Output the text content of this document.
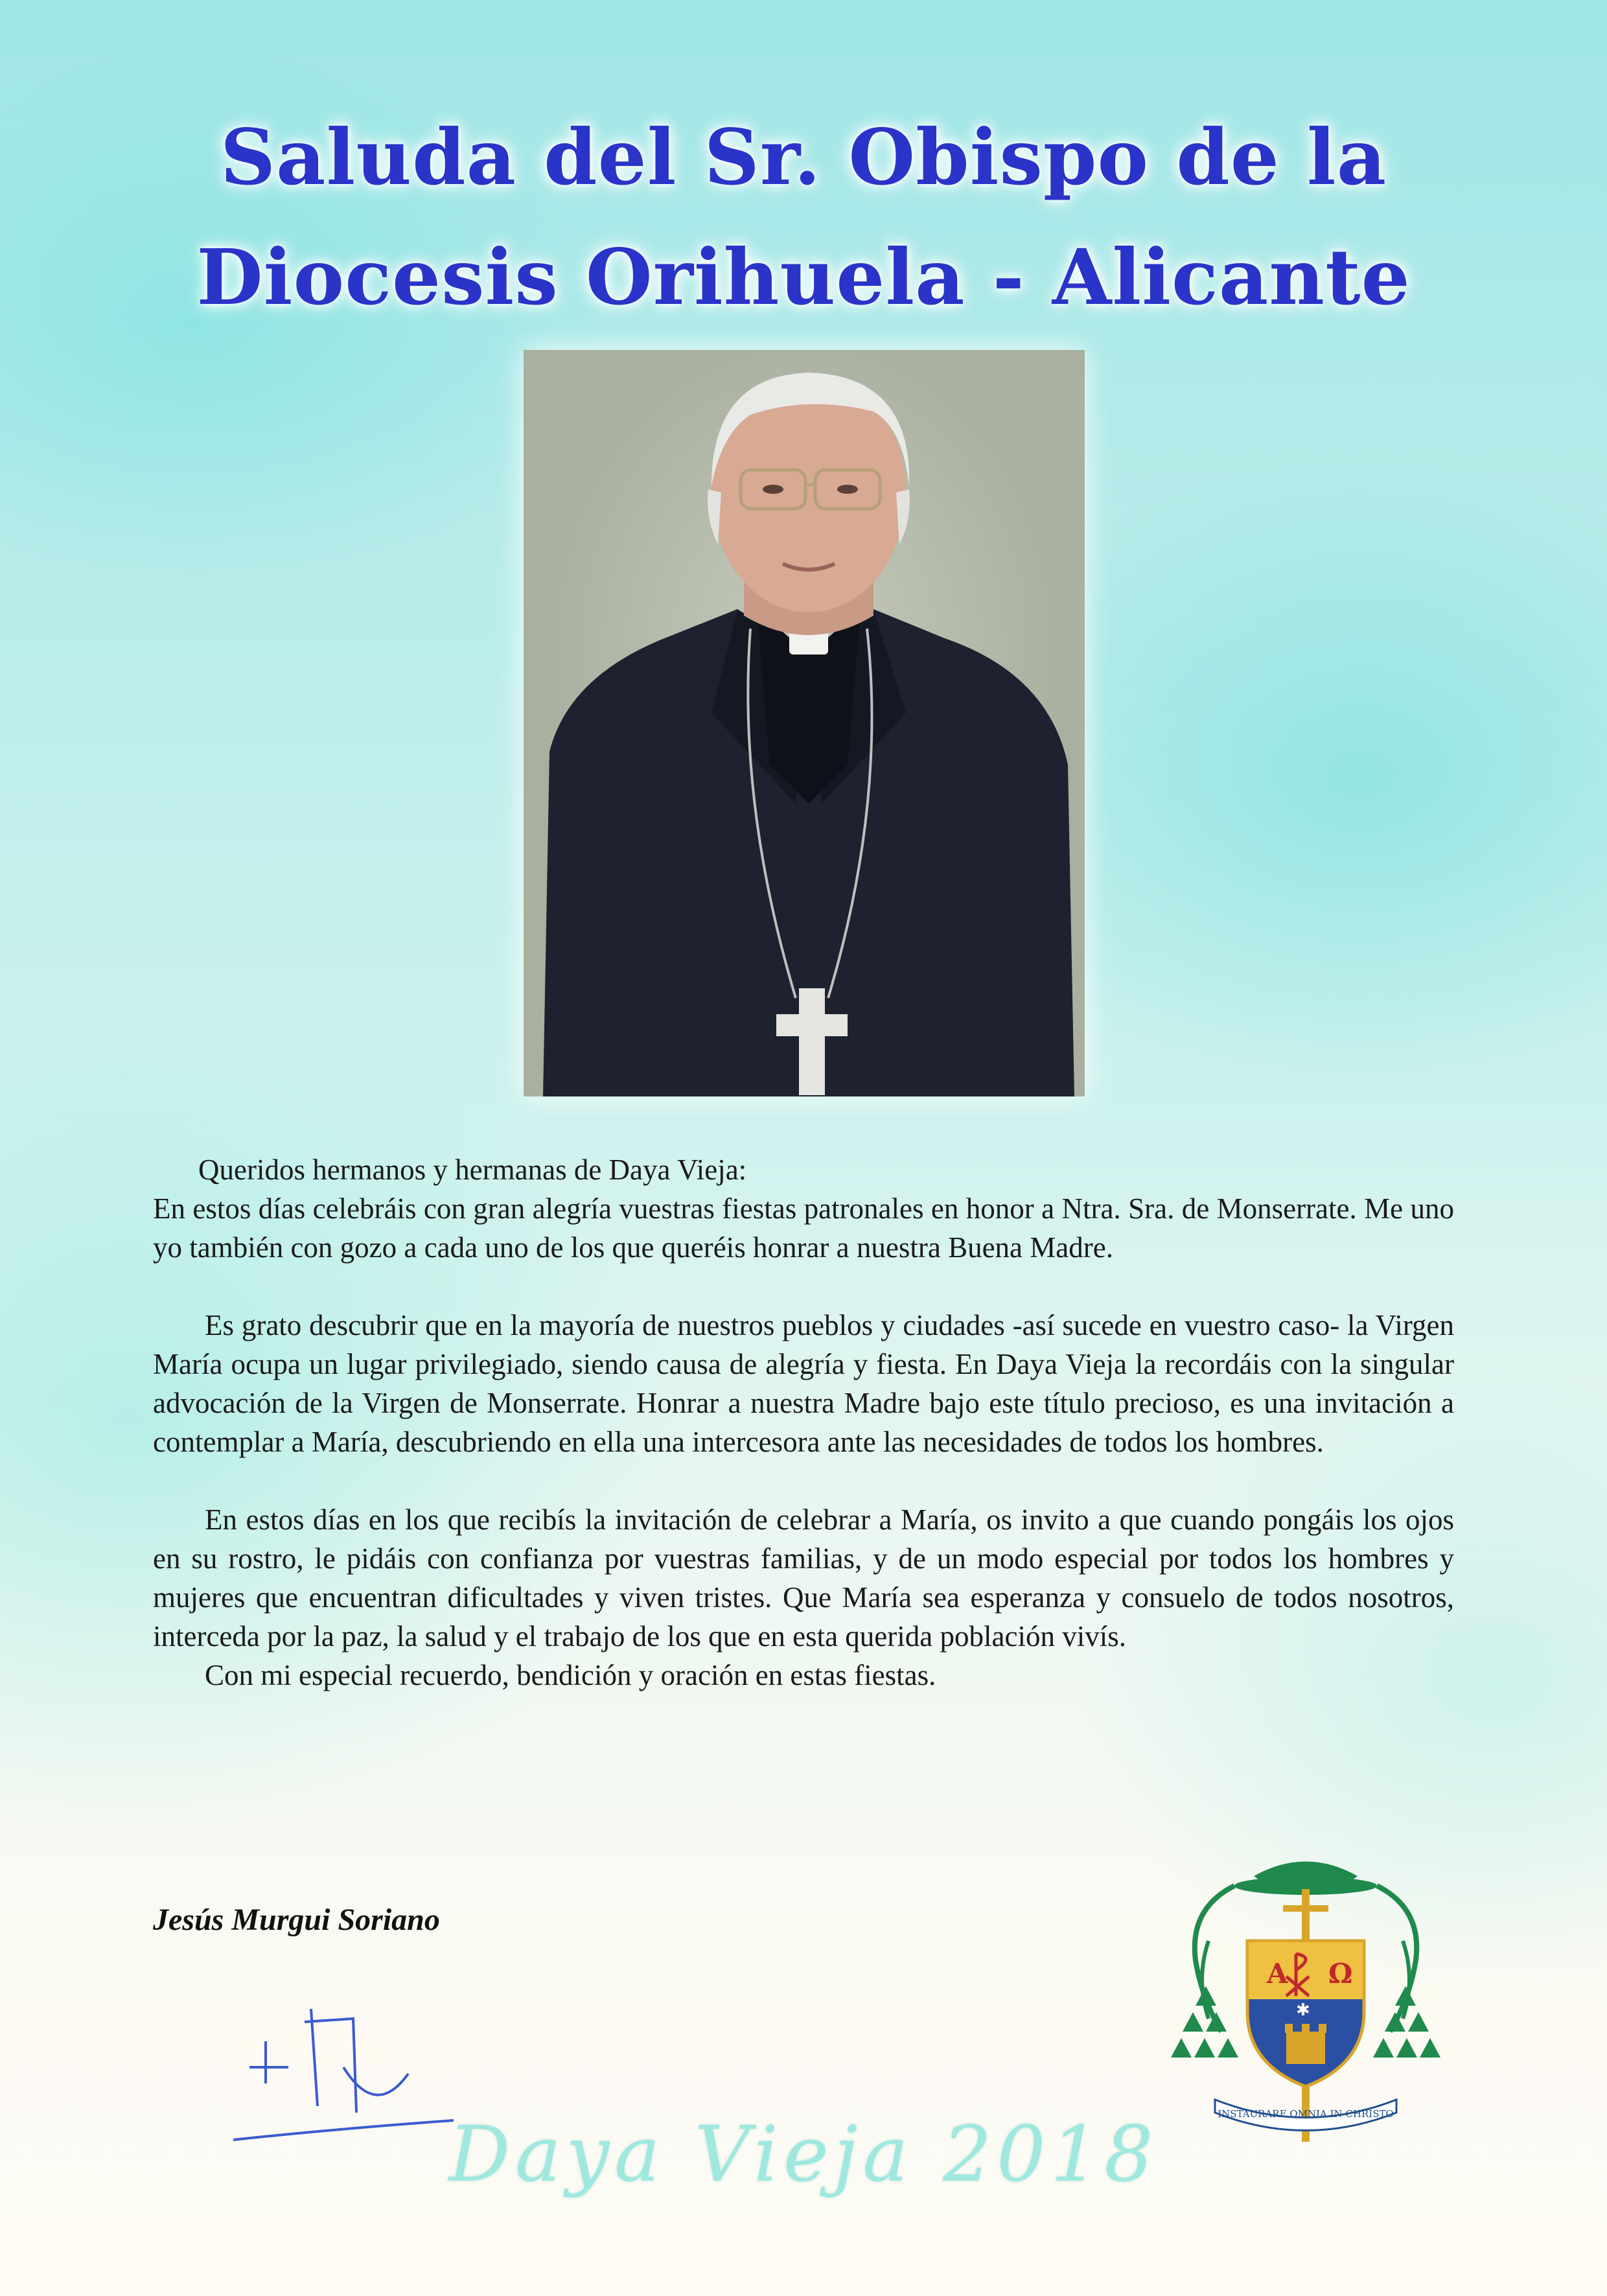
Saluda del Sr. Obispo de la
Diocesis Orihuela - Alicante

Queridos hermanos y hermanas de Daya Vieja:

En estos días celebráis con gran alegría vuestras fiestas patronales en honor a Ntra. Sra. de Monserrate. Me uno yo también con gozo a cada uno de los que queréis honrar a nuestra Buena Madre.

Es grato descubrir que en la mayoría de nuestros pueblos y ciudades -así sucede en vuestro caso- la Virgen María ocupa un lugar privilegiado, siendo causa de alegría y fiesta. En Daya Vieja la recordáis con la singular advocación de la Virgen de Monserrate. Honrar a nuestra Madre bajo este título precioso, es una invitación a contemplar a María, descubriendo en ella una intercesora ante las necesidades de todos los hombres.

En estos días en los que recibís la invitación de celebrar a María, os invito a que cuando pongáis los ojos en su rostro, le pidáis con confianza por vuestras familias, y de un modo especial por todos los hombres y mujeres que encuentran dificultades y viven tristes. Que María sea esperanza y consuelo de todos nosotros, interceda por la paz, la salud y el trabajo de los que en esta querida población vivís.

Con mi especial recuerdo, bendición y oración en estas fiestas.

Jesús Murgui Soriano
A Ω
✱
INSTAURARE OMNIA IN CHRISTO
Daya Vieja 2018
